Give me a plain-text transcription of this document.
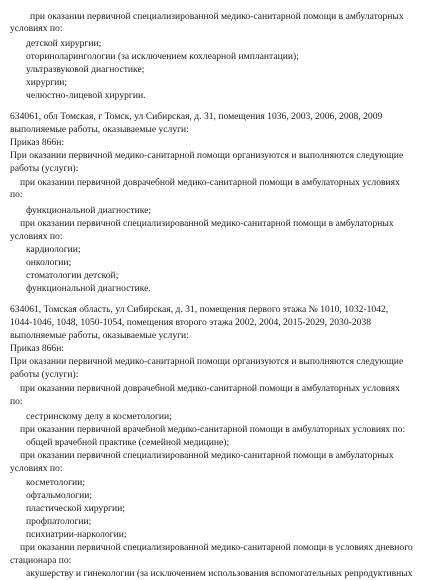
при оказании первичной специализированной медико-санитарной помощи в амбулаторных
условиях по:
детской хирургии;
оториноларингологии (за исключением кохлеарной имплантации);
ультразвуковой диагностике;
хирургии;
челюстно-лицевой хирургии.
634061, обл Томская, г Томск, ул Сибирская, д. 31, помещения 1036, 2003, 2006, 2008, 2009
выполняемые работы, оказываемые услуги:
Приказ 866н:
При оказании первичной медико-санитарной помощи организуются и выполняются следующие
работы (услуги):
при оказании первичной доврачебной медико-санитарной помощи в амбулаторных условиях
по:
функциональной диагностике;
при оказании первичной специализированной медико-санитарной помощи в амбулаторных
условиях по:
кардиологии;
онкологии;
стоматологии детской;
функциональной диагностике.
634061, Томская область, ул Сибирская, д. 31, помещения первого этажа № 1010, 1032-1042,
1044-1046, 1048, 1050-1054, помещения второго этажа 2002, 2004, 2015-2029, 2030-2038
выполняемые работы, оказываемые услуги:
Приказ 866н:
При оказании первичной медико-санитарной помощи организуются и выполняются следующие
работы (услуги):
при оказании первичной доврачебной медико-санитарной помощи в амбулаторных условиях
по:
сестринскому делу в косметологии;
при оказании первичной врачебной медико-санитарной помощи в амбулаторных условиях по:
общей врачебной практике (семейной медицине);
при оказании первичной специализированной медико-санитарной помощи в амбулаторных
условиях по:
косметологии;
офтальмологии;
пластической хирургии;
профпатологии;
психиатрии-наркологии;
при оказании первичной специализированной медико-санитарной помощи в условиях дневного
стационара по:
акушерству и гинекологии (за исключением использования вспомогательных репродуктивных
